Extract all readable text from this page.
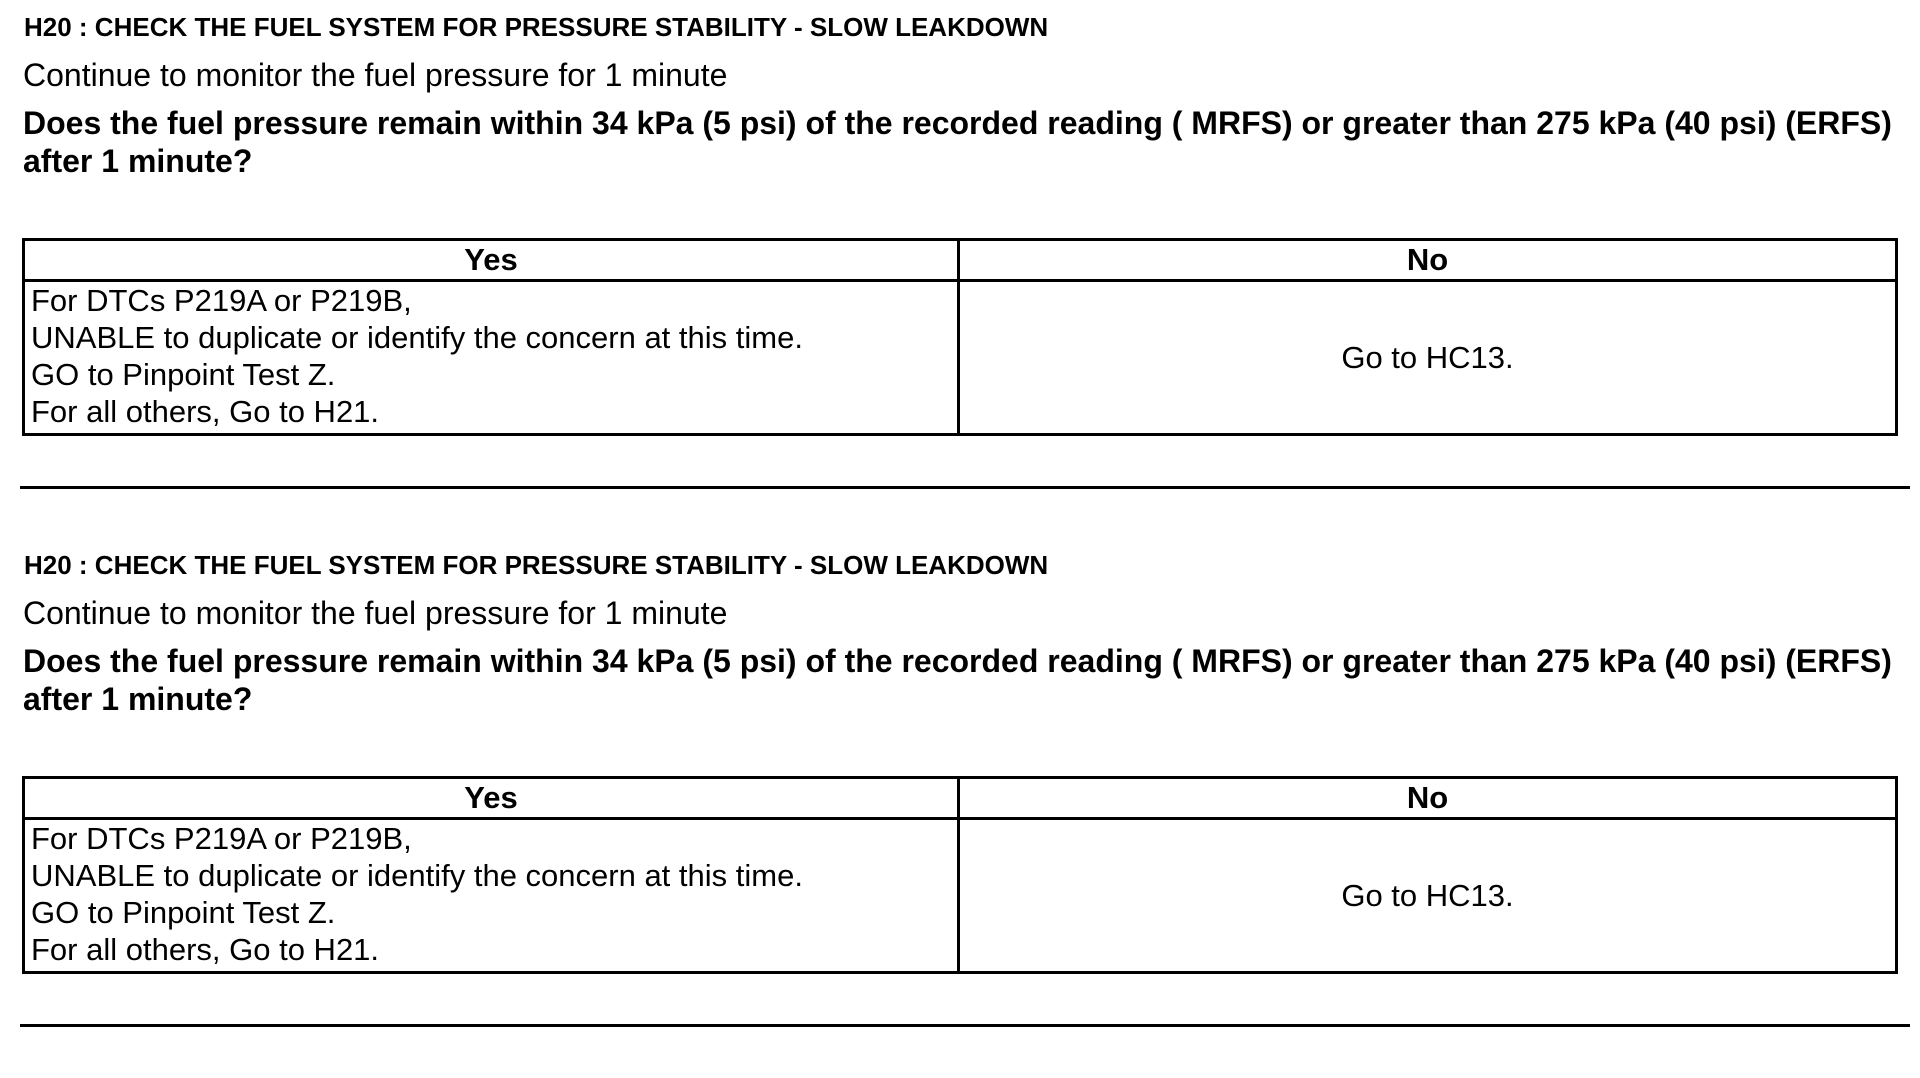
H20 : CHECK THE FUEL SYSTEM FOR PRESSURE STABILITY - SLOW LEAKDOWN

Continue to monitor the fuel pressure for 1 minute

Does the fuel pressure remain within 34 kPa (5 psi) of the recorded reading ( MRFS) or greater than 275 kPa (40 psi) (ERFS) after 1 minute?

Yes	No

For DTCs P219A or P219B,
UNABLE to duplicate or identify the concern at this time.
GO to Pinpoint Test Z.
For all others, Go to H21.	Go to HC13.
H20 : CHECK THE FUEL SYSTEM FOR PRESSURE STABILITY - SLOW LEAKDOWN

Continue to monitor the fuel pressure for 1 minute

Does the fuel pressure remain within 34 kPa (5 psi) of the recorded reading ( MRFS) or greater than 275 kPa (40 psi) (ERFS) after 1 minute?

Yes	No

For DTCs P219A or P219B,
UNABLE to duplicate or identify the concern at this time.
GO to Pinpoint Test Z.
For all others, Go to H21.	Go to HC13.
